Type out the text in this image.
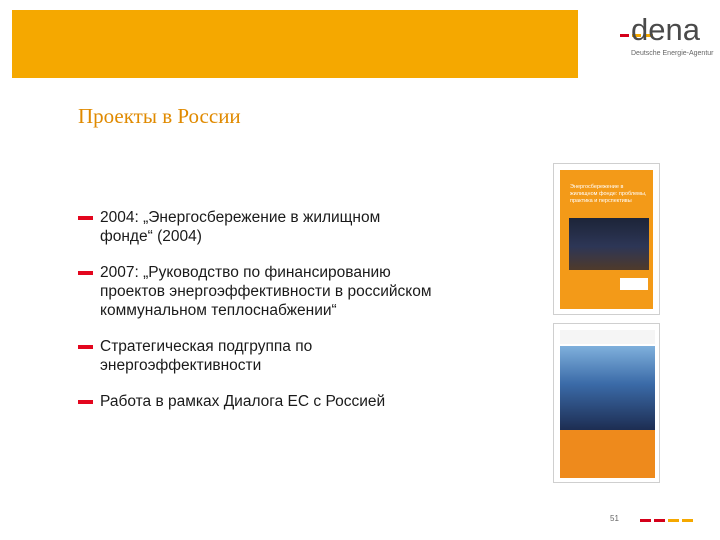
dena
Deutsche Energie-Agentur
Проекты в России
2004: „Энергосбережение в жилищном
фонде“ (2004)
2007: „Руководство по финансированию
проектов энергоэффективности в российском
коммунальном теплоснабжении“
Стратегическая подгруппа по
энергоэффективности
Работа в рамках Диалога ЕС с Россией
Энергосбережение в жилищном фонде: проблемы, практика и перспективы
51
